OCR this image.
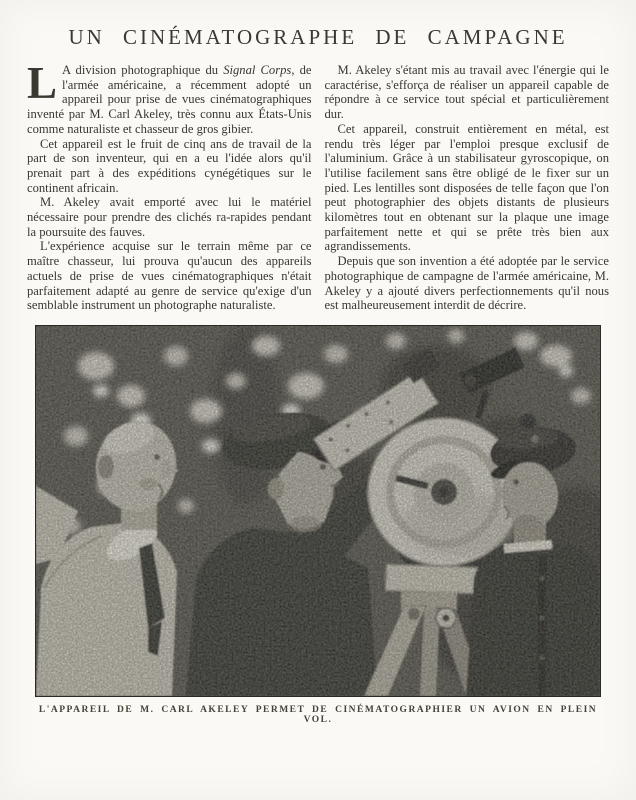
UN CINÉMATOGRAPHE DE CAMPAGNE

L A division photographique du Signal Corps, de l'armée américaine, a récemment adopté un appareil pour prise de vues cinématographiques inventé par M. Carl Akeley, très connu aux États-Unis comme naturaliste et chasseur de gros gibier.

Cet appareil est le fruit de cinq ans de travail de la part de son inventeur, qui en a eu l'idée alors qu'il prenait part à des expéditions cynégétiques sur le continent africain.

M. Akeley avait emporté avec lui le matériel nécessaire pour prendre des clichés ra-rapides pendant la poursuite des fauves.

L'expérience acquise sur le terrain même par ce maître chasseur, lui prouva qu'aucun des appareils actuels de prise de vues cinématographiques n'était parfaitement adapté au genre de service qu'exige d'un semblable instrument un photographe naturaliste.

M. Akeley s'étant mis au travail avec l'énergie qui le caractérise, s'efforça de réaliser un appareil capable de répondre à ce service tout spécial et particulièrement dur.

Cet appareil, construit entièrement en métal, est rendu très léger par l'emploi presque exclusif de l'aluminium. Grâce à un stabilisateur gyroscopique, on l'utilise facilement sans être obligé de le fixer sur un pied. Les lentilles sont disposées de telle façon que l'on peut photographier des objets distants de plusieurs kilomètres tout en obtenant sur la plaque une image parfaitement nette et qui se prête très bien aux agrandissements.

Depuis que son invention a été adoptée par le service photographique de campagne de l'armée américaine, M. Akeley y a ajouté divers perfectionnements qu'il nous est malheureusement interdit de décrire.

L'APPAREIL DE M. CARL AKELEY PERMET DE CINÉMATOGRAPHIER UN AVION EN PLEIN VOL.
